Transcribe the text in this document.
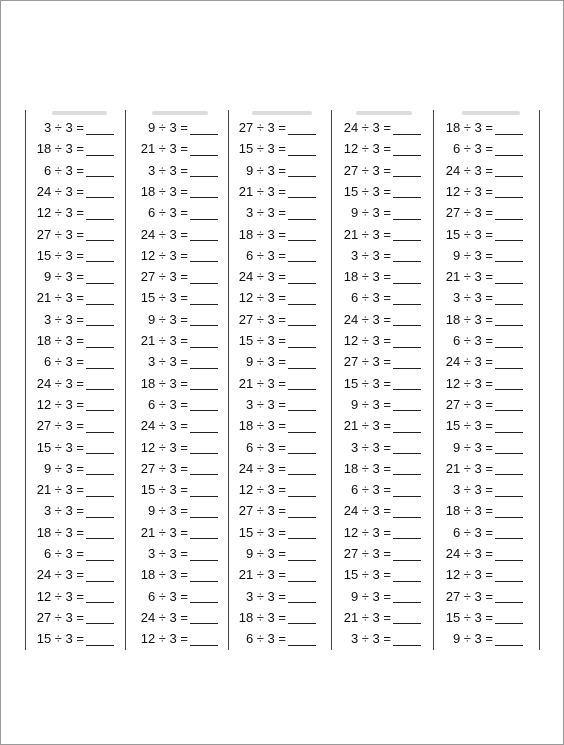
3 ÷ 3 =
18 ÷ 3 =
6 ÷ 3 =
24 ÷ 3 =
12 ÷ 3 =
27 ÷ 3 =
15 ÷ 3 =
9 ÷ 3 =
21 ÷ 3 =
3 ÷ 3 =
18 ÷ 3 =
6 ÷ 3 =
24 ÷ 3 =
12 ÷ 3 =
27 ÷ 3 =
15 ÷ 3 =
9 ÷ 3 =
21 ÷ 3 =
3 ÷ 3 =
18 ÷ 3 =
6 ÷ 3 =
24 ÷ 3 =
12 ÷ 3 =
27 ÷ 3 =
15 ÷ 3 =
9 ÷ 3 =
21 ÷ 3 =
3 ÷ 3 =
18 ÷ 3 =
6 ÷ 3 =
24 ÷ 3 =
12 ÷ 3 =
27 ÷ 3 =
15 ÷ 3 =
9 ÷ 3 =
21 ÷ 3 =
3 ÷ 3 =
18 ÷ 3 =
6 ÷ 3 =
24 ÷ 3 =
12 ÷ 3 =
27 ÷ 3 =
15 ÷ 3 =
9 ÷ 3 =
21 ÷ 3 =
3 ÷ 3 =
18 ÷ 3 =
6 ÷ 3 =
24 ÷ 3 =
12 ÷ 3 =
27 ÷ 3 =
15 ÷ 3 =
9 ÷ 3 =
21 ÷ 3 =
3 ÷ 3 =
18 ÷ 3 =
6 ÷ 3 =
24 ÷ 3 =
12 ÷ 3 =
27 ÷ 3 =
15 ÷ 3 =
9 ÷ 3 =
21 ÷ 3 =
3 ÷ 3 =
18 ÷ 3 =
6 ÷ 3 =
24 ÷ 3 =
12 ÷ 3 =
27 ÷ 3 =
15 ÷ 3 =
9 ÷ 3 =
21 ÷ 3 =
3 ÷ 3 =
18 ÷ 3 =
6 ÷ 3 =
24 ÷ 3 =
12 ÷ 3 =
27 ÷ 3 =
15 ÷ 3 =
9 ÷ 3 =
21 ÷ 3 =
3 ÷ 3 =
18 ÷ 3 =
6 ÷ 3 =
24 ÷ 3 =
12 ÷ 3 =
27 ÷ 3 =
15 ÷ 3 =
9 ÷ 3 =
21 ÷ 3 =
3 ÷ 3 =
18 ÷ 3 =
6 ÷ 3 =
24 ÷ 3 =
12 ÷ 3 =
27 ÷ 3 =
15 ÷ 3 =
9 ÷ 3 =
21 ÷ 3 =
3 ÷ 3 =
18 ÷ 3 =
6 ÷ 3 =
24 ÷ 3 =
12 ÷ 3 =
27 ÷ 3 =
15 ÷ 3 =
9 ÷ 3 =
21 ÷ 3 =
3 ÷ 3 =
18 ÷ 3 =
6 ÷ 3 =
24 ÷ 3 =
12 ÷ 3 =
27 ÷ 3 =
15 ÷ 3 =
9 ÷ 3 =
21 ÷ 3 =
3 ÷ 3 =
18 ÷ 3 =
6 ÷ 3 =
24 ÷ 3 =
12 ÷ 3 =
27 ÷ 3 =
15 ÷ 3 =
9 ÷ 3 =
